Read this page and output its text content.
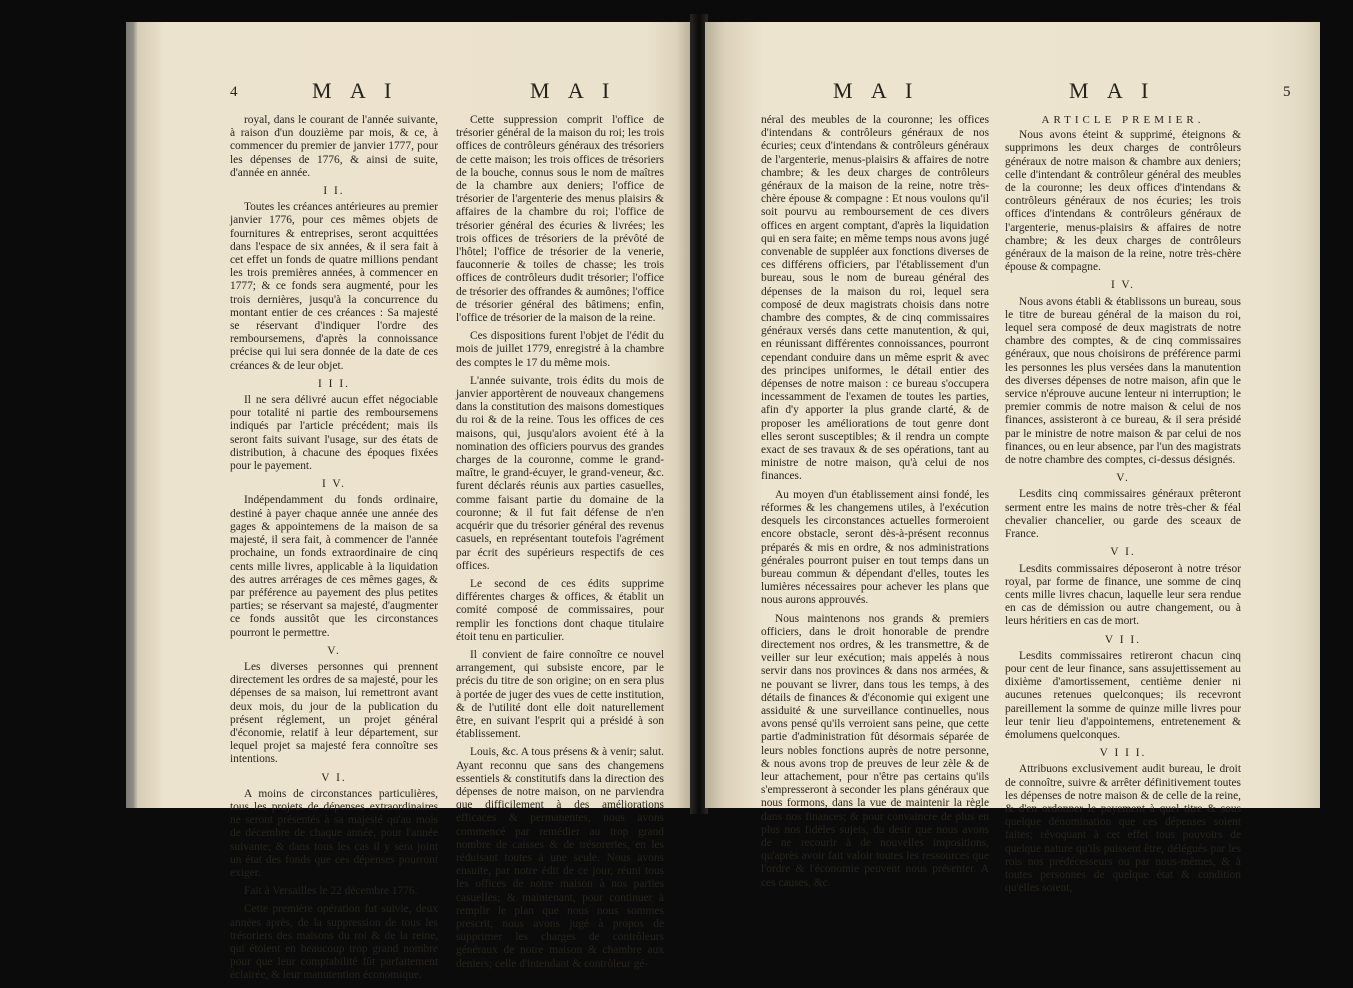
4	M A I	M A I

royal, dans le courant de l'année suivante, à raison d'un douzième par mois, & ce, à commencer du premier de janvier 1777, pour les dépenses de 1776, & ainsi de suite, d'année en année.

I I.

Toutes les créances antérieures au premier janvier 1776, pour ces mêmes objets de fournitures & entreprises, seront acquittées dans l'espace de six années, & il sera fait à cet effet un fonds de quatre millions pendant les trois premières années, à commencer en 1777; & ce fonds sera augmenté, pour les trois dernières, jusqu'à la concurrence du montant entier de ces créances : Sa majesté se réservant d'indiquer l'ordre des remboursemens, d'après la connoissance précise qui lui sera donnée de la date de ces créances & de leur objet.

I I I.

Il ne sera délivré aucun effet négociable pour totalité ni partie des remboursemens indiqués par l'article précédent; mais ils seront faits suivant l'usage, sur des états de distribution, à chacune des époques fixées pour le payement.

I V.

Indépendamment du fonds ordinaire, destiné à payer chaque année une année des gages & appointemens de la maison de sa majesté, il sera fait, à commencer de l'année prochaine, un fonds extraordinaire de cinq cents mille livres, applicable à la liquidation des autres arrérages de ces mêmes gages, & par préférence au payement des plus petites parties; se réservant sa majesté, d'augmenter ce fonds aussitôt que les circonstances pourront le permettre.

V.

Les diverses personnes qui prennent directement les ordres de sa majesté, pour les dépenses de sa maison, lui remettront avant deux mois, du jour de la publication du présent réglement, un projet général d'économie, relatif à leur département, sur lequel projet sa majesté fera connoître ses intentions.

V I.

A moins de circonstances particulières, tous les projets de dépenses extraordinaires ne seront présentés à sa majesté qu'au mois de décembre de chaque année, pour l'année suivante; & dans tous les cas il y sera joint un état des fonds que ces dépenses pourront exiger.

Fait à Versailles le 22 décembre 1776.

Cette première opération fut suivie, deux années après, de la suppression de tous les trésoriers des maisons du roi & de la reine, qui étoient en beaucoup trop grand nombre pour que leur comptabilité fût parfaitement éclairée, & leur manutention économique.

Cette suppression comprit l'office de trésorier général de la maison du roi; les trois offices de contrôleurs généraux des trésoriers de cette maison; les trois offices de trésoriers de la bouche, connus sous le nom de maîtres de la chambre aux deniers; l'office de trésorier de l'argenterie des menus plaisirs & affaires de la chambre du roi; l'office de trésorier général des écuries & livrées; les trois offices de trésoriers de la prévôté de l'hôtel; l'office de trésorier de la venerie, fauconnerie & toiles de chasse; les trois offices de contrôleurs dudit trésorier; l'office de trésorier des offrandes & aumônes; l'office de trésorier général des bâtimens; enfin, l'office de trésorier de la maison de la reine.

Ces dispositions furent l'objet de l'édit du mois de juillet 1779, enregistré à la chambre des comptes le 17 du même mois.

L'année suivante, trois édits du mois de janvier apportèrent de nouveaux changemens dans la constitution des maisons domestiques du roi & de la reine. Tous les offices de ces maisons, qui, jusqu'alors avoient été à la nomination des officiers pourvus des grandes charges de la couronne, comme le grand-maître, le grand-écuyer, le grand-veneur, &c. furent déclarés réunis aux parties casuelles, comme faisant partie du domaine de la couronne; & il fut fait défense de n'en acquérir que du trésorier général des revenus casuels, en représentant toutefois l'agrément par écrit des supérieurs respectifs de ces offices.

Le second de ces édits supprime différentes charges & offices, & établit un comité composé de commissaires, pour remplir les fonctions dont chaque titulaire étoit tenu en particulier.

Il convient de faire connoître ce nouvel arrangement, qui subsiste encore, par le précis du titre de son origine; on en sera plus à portée de juger des vues de cette institution, & de l'utilité dont elle doit naturellement être, en suivant l'esprit qui a présidé à son établissement.

Louis, &c. A tous présens & à venir; salut. Ayant reconnu que sans des changemens essentiels & constitutifs dans la direction des dépenses de notre maison, on ne parviendra que difficilement à des améliorations efficaces & permanentes, nous avons commencé par remédier au trop grand nombre de caisses & de trésoreries, en les réduisant toutes à une seule. Nous avons ensuite, par notre édit de ce jour, réuni tous les offices de notre maison à nos parties casuelles; & maintenant, pour continuer à remplir le plan que nous nous sommes prescrit, nous avons jugé à propos de supprimer les charges de contrôleurs généraux de notre maison & chambre aux deniers; celle d'intendant & contrôleur gé-

M A I	M A I	5

néral des meubles de la couronne; les offices d'intendans & contrôleurs généraux de nos écuries; ceux d'intendans & contrôleurs généraux de l'argenterie, menus-plaisirs & affaires de notre chambre; & les deux charges de contrôleurs généraux de la maison de la reine, notre très-chère épouse & compagne : Et nous voulons qu'il soit pourvu au remboursement de ces divers offices en argent comptant, d'après la liquidation qui en sera faite; en même temps nous avons jugé convenable de suppléer aux fonctions diverses de ces différens officiers, par l'établissement d'un bureau, sous le nom de bureau général des dépenses de la maison du roi, lequel sera composé de deux magistrats choisis dans notre chambre des comptes, & de cinq commissaires généraux versés dans cette manutention, & qui, en réunissant différentes connoissances, pourront cependant conduire dans un même esprit & avec des principes uniformes, le détail entier des dépenses de notre maison : ce bureau s'occupera incessamment de l'examen de toutes les parties, afin d'y apporter la plus grande clarté, & de proposer les améliorations de tout genre dont elles seront susceptibles; & il rendra un compte exact de ses travaux & de ses opérations, tant au ministre de notre maison, qu'à celui de nos finances.

Au moyen d'un établissement ainsi fondé, les réformes & les changemens utiles, à l'exécution desquels les circonstances actuelles formeroient encore obstacle, seront dès-à-présent reconnus préparés & mis en ordre, & nos administrations générales pourront puiser en tout temps dans un bureau commun & dépendant d'elles, toutes les lumières nécessaires pour achever les plans que nous aurons approuvés.

Nous maintenons nos grands & premiers officiers, dans le droit honorable de prendre directement nos ordres, & les transmettre, & de veiller sur leur exécution; mais appelés à nous servir dans nos provinces & dans nos armées, & ne pouvant se livrer, dans tous les temps, à des détails de finances & d'économie qui exigent une assiduité & une surveillance continuelles, nous avons pensé qu'ils verroient sans peine, que cette partie d'administration fût désormais séparée de leurs nobles fonctions auprès de notre personne, & nous avons trop de preuves de leur zèle & de leur attachement, pour n'être pas certains qu'ils s'empresseront à seconder les plans généraux que nous formons, dans la vue de maintenir la règle dans nos finances; & pour convaincre de plus en plus nos fidèles sujets, du desir que nous avons de ne recourir à de nouvelles impositions, qu'après avoir fait valoir toutes les ressources que l'ordre & l'économie peuvent nous présenter. A ces causes, &c.

ARTICLE PREMIER.

Nous avons éteint & supprimé, éteignons & supprimons les deux charges de contrôleurs généraux de notre maison & chambre aux deniers; celle d'intendant & contrôleur général des meubles de la couronne; les deux offices d'intendans & contrôleurs généraux de nos écuries; les trois offices d'intendans & contrôleurs généraux de l'argenterie, menus-plaisirs & affaires de notre chambre; & les deux charges de contrôleurs généraux de la maison de la reine, notre très-chère épouse & compagne.

I V.

Nous avons établi & établissons un bureau, sous le titre de bureau général de la maison du roi, lequel sera composé de deux magistrats de notre chambre des comptes, & de cinq commissaires généraux, que nous choisirons de préférence parmi les personnes les plus versées dans la manutention des diverses dépenses de notre maison, afin que le service n'éprouve aucune lenteur ni interruption; le premier commis de notre maison & celui de nos finances, assisteront à ce bureau, & il sera présidé par le ministre de notre maison & par celui de nos finances, ou en leur absence, par l'un des magistrats de notre chambre des comptes, ci-dessus désignés.

V.

Lesdits cinq commissaires généraux prêteront serment entre les mains de notre très-cher & féal chevalier chancelier, ou garde des sceaux de France.

V I.

Lesdits commissaires déposeront à notre trésor royal, par forme de finance, une somme de cinq cents mille livres chacun, laquelle leur sera rendue en cas de démission ou autre changement, ou à leurs héritiers en cas de mort.

V I I.

Lesdits commissaires retireront chacun cinq pour cent de leur finance, sans assujettissement au dixième d'amortissement, centième denier ni aucunes retenues quelconques; ils recevront pareillement la somme de quinze mille livres pour leur tenir lieu d'appointemens, entretenement & émolumens quelconques.

V I I I.

Attribuons exclusivement audit bureau, le droit de connoître, suivre & arrêter définitivement toutes les dépenses de notre maison & de celle de la reine, & d'en ordonner le payement à quel titre & sous quelque dénomination que ces dépenses soient faites; révoquant à cet effet tous pouvoirs de quelque nature qu'ils puissent être, délégués par les rois nos prédécesseurs ou par nous-mêmes, & à toutes personnes de quelque état & condition qu'elles soient,
